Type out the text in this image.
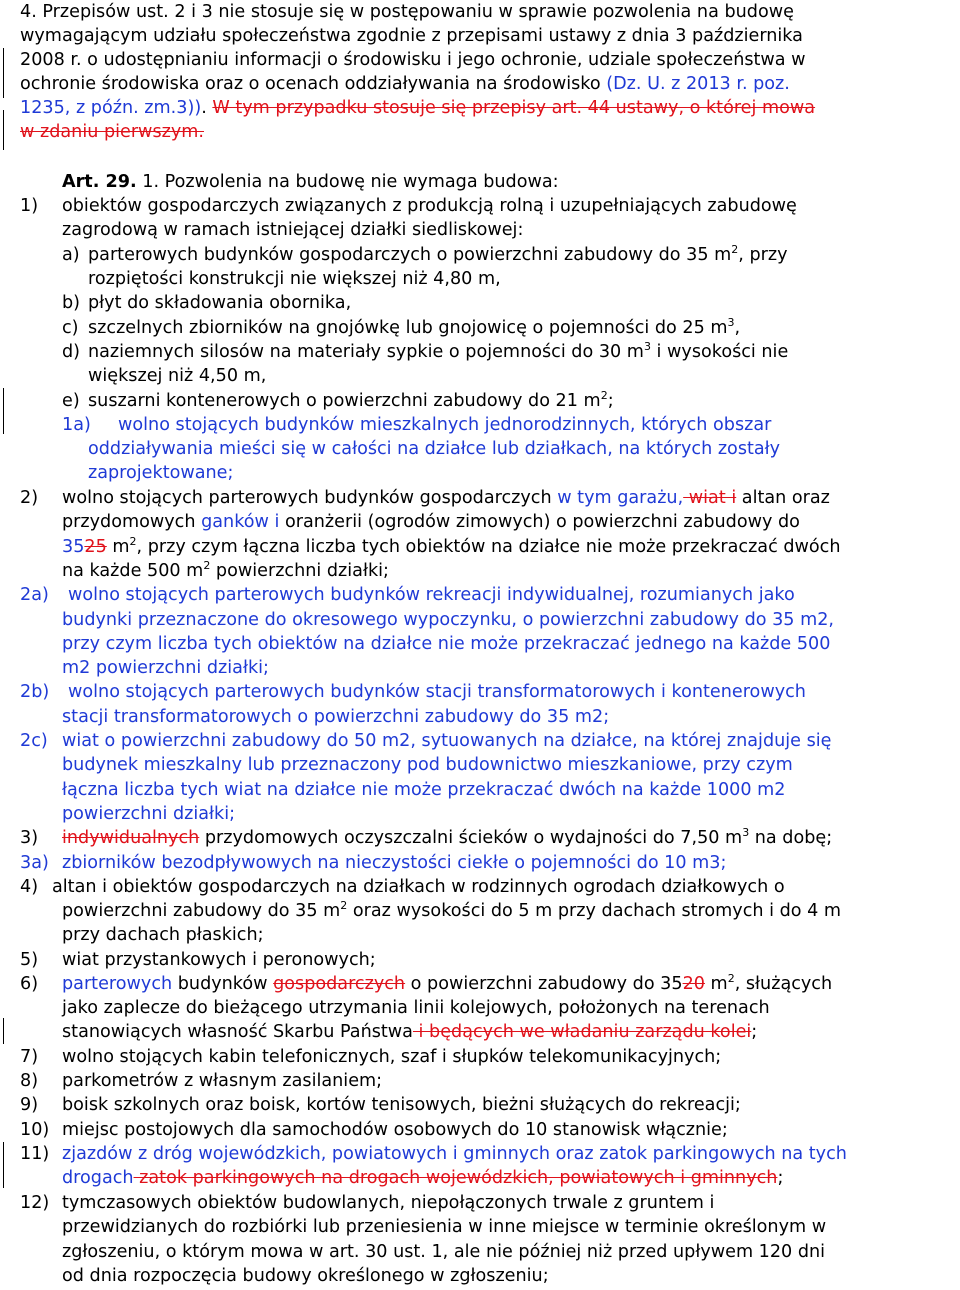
4. Przepisów ust. 2 i 3 nie stosuje się w postępowaniu w sprawie pozwolenia na budowę
wymagającym udziału społeczeństwa zgodnie z przepisami ustawy z dnia 3 października
2008 r. o udostępnianiu informacji o środowisku i jego ochronie, udziale społeczeństwa w
ochronie środowiska oraz o ocenach oddziaływania na środowisko (Dz. U. z 2013 r. poz.
1235, z późn. zm.3)). W tym przypadku stosuje się przepisy art. 44 ustawy, o której mowa
w zdaniu pierwszym.
Art. 29. 1. Pozwolenia na budowę nie wymaga budowa:
1) obiektów gospodarczych związanych z produkcją rolną i uzupełniających zabudowę
zagrodową w ramach istniejącej działki siedliskowej:
a) parterowych budynków gospodarczych o powierzchni zabudowy do 35 $m^2$, przy
rozpiętości konstrukcji nie większej niż 4,80 m,
b) płyt do składowania obornika,
c) szczelnych zbiorników na gnojówkę lub gnojowicę o pojemności do 25 $m^3$,
d) naziemnych silosów na materiały sypkie o pojemności do 30 $m^3$ i wysokości nie
większej niż 4,50 m,
e) suszarni kontenerowych o powierzchni zabudowy do 21 $m^2$;
1a) wolno stojących budynków mieszkalnych jednorodzinnych, których obszar
oddziaływania mieści się w całości na działce lub działkach, na których zostały
zaprojektowane;
2) wolno stojących parterowych budynków gospodarczych w tym garażu, wiat i altan oraz
przydomowych ganków i oranżerii (ogrodów zimowych) o powierzchni zabudowy do
3525 $m^2$, przy czym łączna liczba tych obiektów na działce nie może przekraczać dwóch
na każde 500 $m^2$ powierzchni działki;
2a) wolno stojących parterowych budynków rekreacji indywidualnej, rozumianych jako
budynki przeznaczone do okresowego wypoczynku, o powierzchni zabudowy do 35 m2,
przy czym liczba tych obiektów na działce nie może przekraczać jednego na każde 500
m2 powierzchni działki;
2b) wolno stojących parterowych budynków stacji transformatorowych i kontenerowych
stacji transformatorowych o powierzchni zabudowy do 35 m2;
2c) wiat o powierzchni zabudowy do 50 m2, sytuowanych na działce, na której znajduje się
budynek mieszkalny lub przeznaczony pod budownictwo mieszkaniowe, przy czym
łączna liczba tych wiat na działce nie może przekraczać dwóch na każde 1000 m2
powierzchni działki;
3) indywidualnych przydomowych oczyszczalni ścieków o wydajności do 7,50 $m^3$ na dobę;
3a) zbiorników bezodpływowych na nieczystości ciekłe o pojemności do 10 m3;
4) altan i obiektów gospodarczych na działkach w rodzinnych ogrodach działkowych o
powierzchni zabudowy do 35 $m^2$ oraz wysokości do 5 m przy dachach stromych i do 4 m
przy dachach płaskich;
5) wiat przystankowych i peronowych;
6) parterowych budynków gospodarczych o powierzchni zabudowy do 3520 $m^2$, służących
jako zaplecze do bieżącego utrzymania linii kolejowych, położonych na terenach
stanowiących własność Skarbu Państwa i będących we władaniu zarządu kolei;
7) wolno stojących kabin telefonicznych, szaf i słupków telekomunikacyjnych;
8) parkometrów z własnym zasilaniem;
9) boisk szkolnych oraz boisk, kortów tenisowych, bieżni służących do rekreacji;
10) miejsc postojowych dla samochodów osobowych do 10 stanowisk włącznie;
11) zjazdów z dróg wojewódzkich, powiatowych i gminnych oraz zatok parkingowych na tych
drogach zatok parkingowych na drogach wojewódzkich, powiatowych i gminnych;
12) tymczasowych obiektów budowlanych, niepołączonych trwale z gruntem i
przewidzianych do rozbiórki lub przeniesienia w inne miejsce w terminie określonym w
zgłoszeniu, o którym mowa w art. 30 ust. 1, ale nie później niż przed upływem 120 dni
od dnia rozpoczęcia budowy określonego w zgłoszeniu;
